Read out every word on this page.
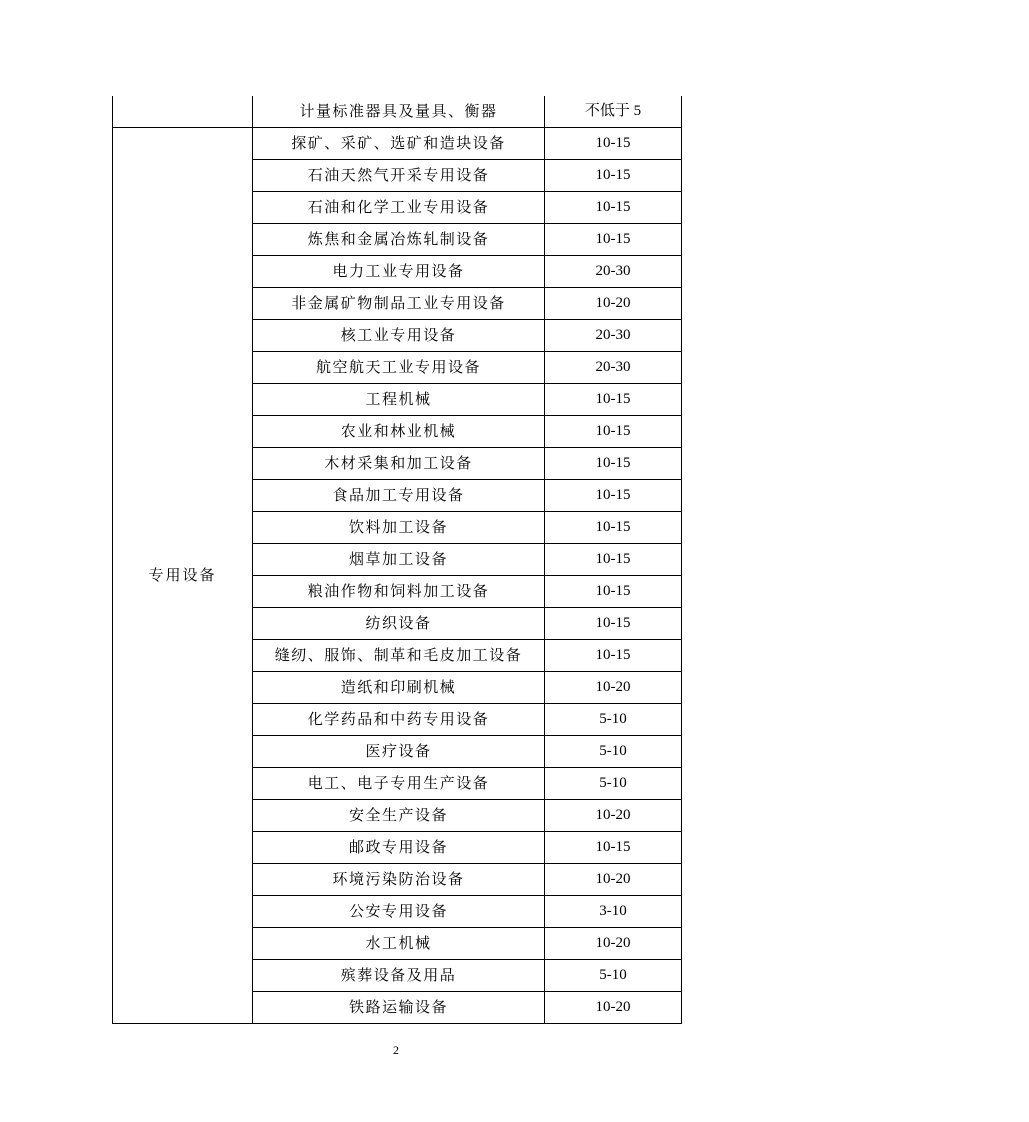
	计量标准器具及量具、衡器	不低于 5
专用设备	探矿、采矿、选矿和造块设备	10-15
	石油天然气开采专用设备	10-15
	石油和化学工业专用设备	10-15
	炼焦和金属冶炼轧制设备	10-15
	电力工业专用设备	20-30
	非金属矿物制品工业专用设备	10-20
	核工业专用设备	20-30
	航空航天工业专用设备	20-30
	工程机械	10-15
	农业和林业机械	10-15
	木材采集和加工设备	10-15
	食品加工专用设备	10-15
	饮料加工设备	10-15
	烟草加工设备	10-15
	粮油作物和饲料加工设备	10-15
	纺织设备	10-15
	缝纫、服饰、制革和毛皮加工设备	10-15
	造纸和印刷机械	10-20
	化学药品和中药专用设备	5-10
	医疗设备	5-10
	电工、电子专用生产设备	5-10
	安全生产设备	10-20
	邮政专用设备	10-15
	环境污染防治设备	10-20
	公安专用设备	3-10
	水工机械	10-20
	殡葬设备及用品	5-10
	铁路运输设备	10-20
2
